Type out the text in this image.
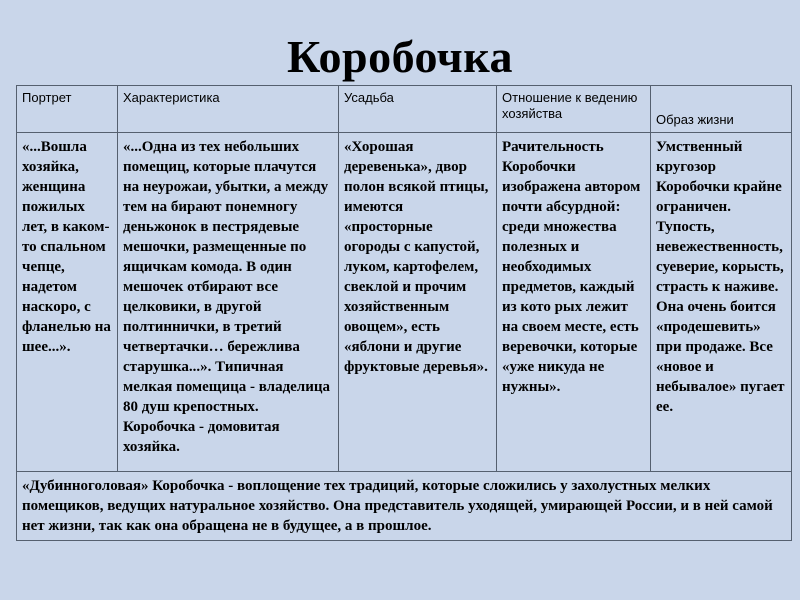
Коробочка
Портрет	Характеристика	Усадьба	Отношение к ведению хозяйства	Образ жизни
«...Вошла хозяйка, женщина пожилых лет, в каком-то спальном чепце, надетом наскоро, с фланелью на шее...».	«...Одна из тех небольших помещиц, которые плачутся на неурожаи, убытки, а между тем на бирают понемногу деньжонок в пестрядевые мешочки, размещенные по ящичкам комода. В один мешочек отбирают все целковики, в другой полтиннички, в третий четвертачки… бережлива старушка...». Типичная мелкая помещица - владелица 80 душ крепостных. Коробочка - домовитая хозяйка.	«Хорошая деревенька», двор полон всякой птицы, имеются «просторные огороды с капустой, луком, картофелем, свеклой и прочим хозяйственным овощем», есть «яблони и другие фруктовые деревья».	Рачительность Коробочки изображена автором почти абсурдной: среди множества полезных и необходимых предметов, каждый из кото рых лежит на своем месте, есть веревочки, которые «уже никуда не нужны».	Умственный кругозор Коробочки крайне ограничен. Тупость, невежественность, суеверие, корысть, страсть к наживе. Она очень боится «продешевить» при продаже. Все «новое и небывалое» пугает ее.
«Дубинноголовая» Коробочка - воплощение тех традиций, которые сложились у захолустных мелких помещиков, ведущих натуральное хозяйство. Она представитель уходящей, умирающей России, и в ней самой нет жизни, так как она обращена не в будущее, а в прошлое.				
